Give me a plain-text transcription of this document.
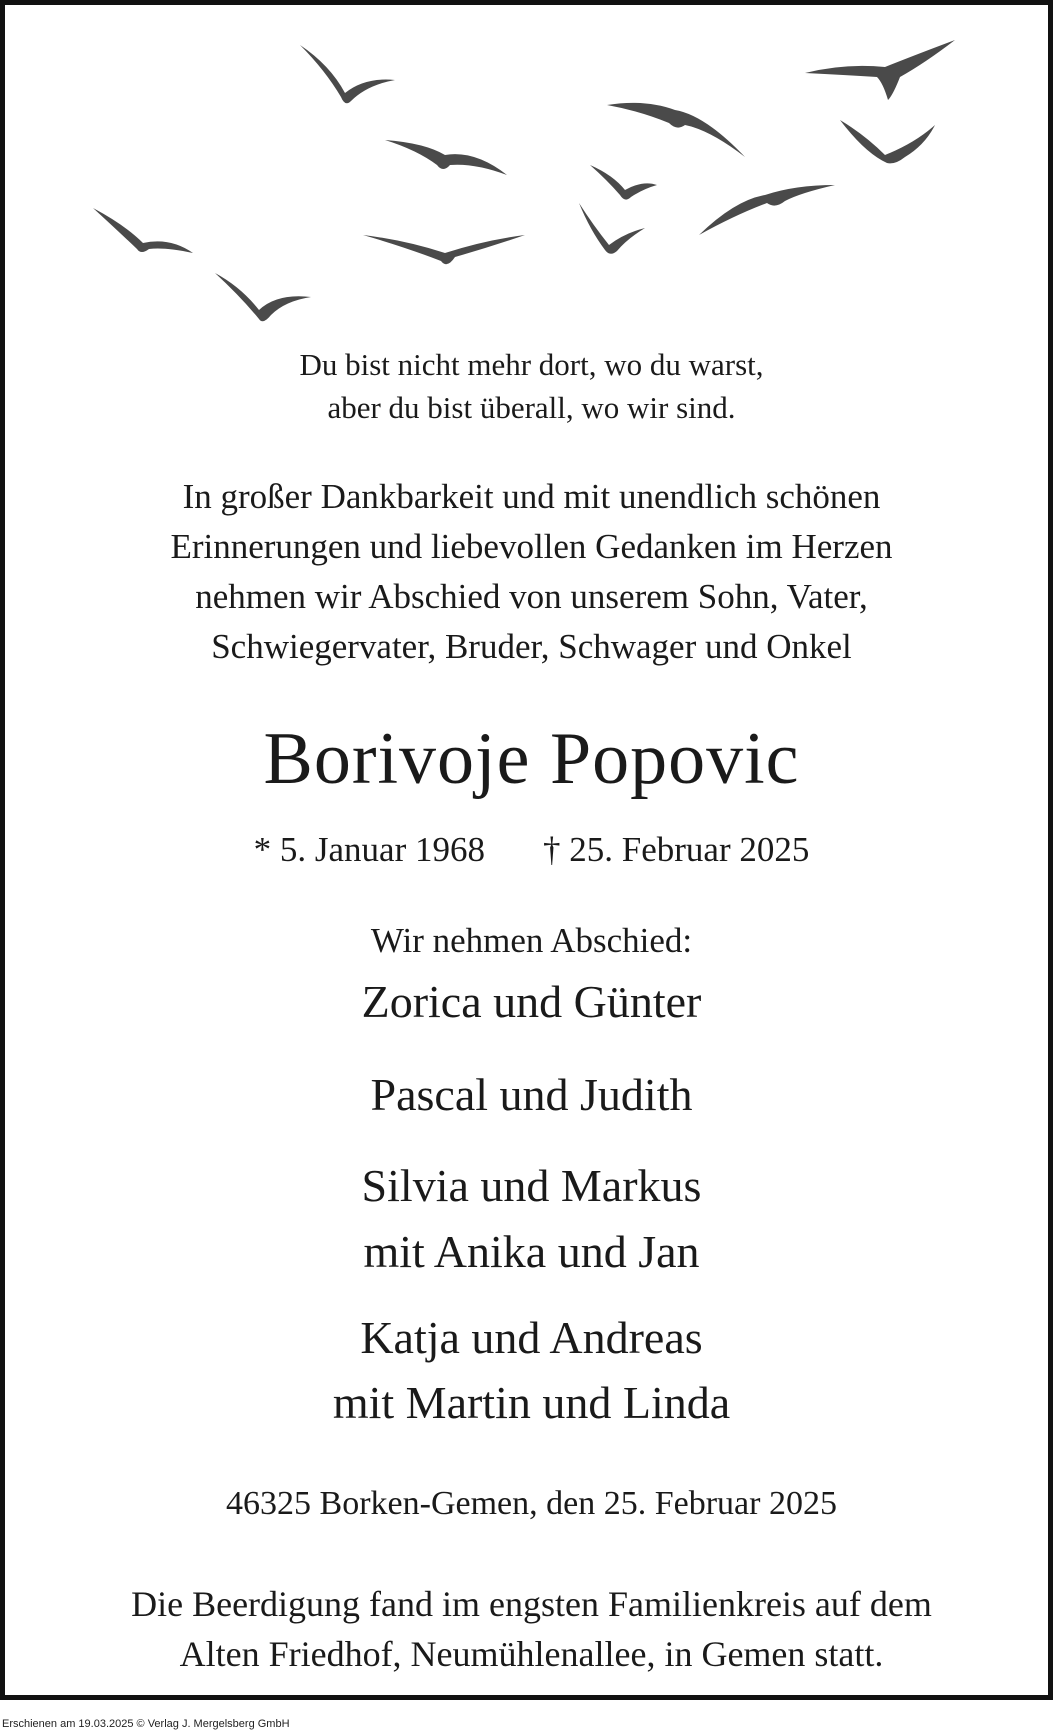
Du bist nicht mehr dort, wo du warst,
aber du bist überall, wo wir sind.
In großer Dankbarkeit und mit unendlich schönen
Erinnerungen und liebevollen Gedanken im Herzen
nehmen wir Abschied von unserem Sohn, Vater,
Schwiegervater, Bruder, Schwager und Onkel
Borivoje Popovic
* 5. Januar 1968 † 25. Februar 2025
Wir nehmen Abschied:
Zorica und Günter
Pascal und Judith
Silvia und Markus
mit Anika und Jan
Katja und Andreas
mit Martin und Linda
46325 Borken-Gemen, den 25. Februar 2025
Die Beerdigung fand im engsten Familienkreis auf dem
Alten Friedhof, Neumühlenallee, in Gemen statt.
Erschienen am 19.03.2025 © Verlag J. Mergelsberg GmbH
